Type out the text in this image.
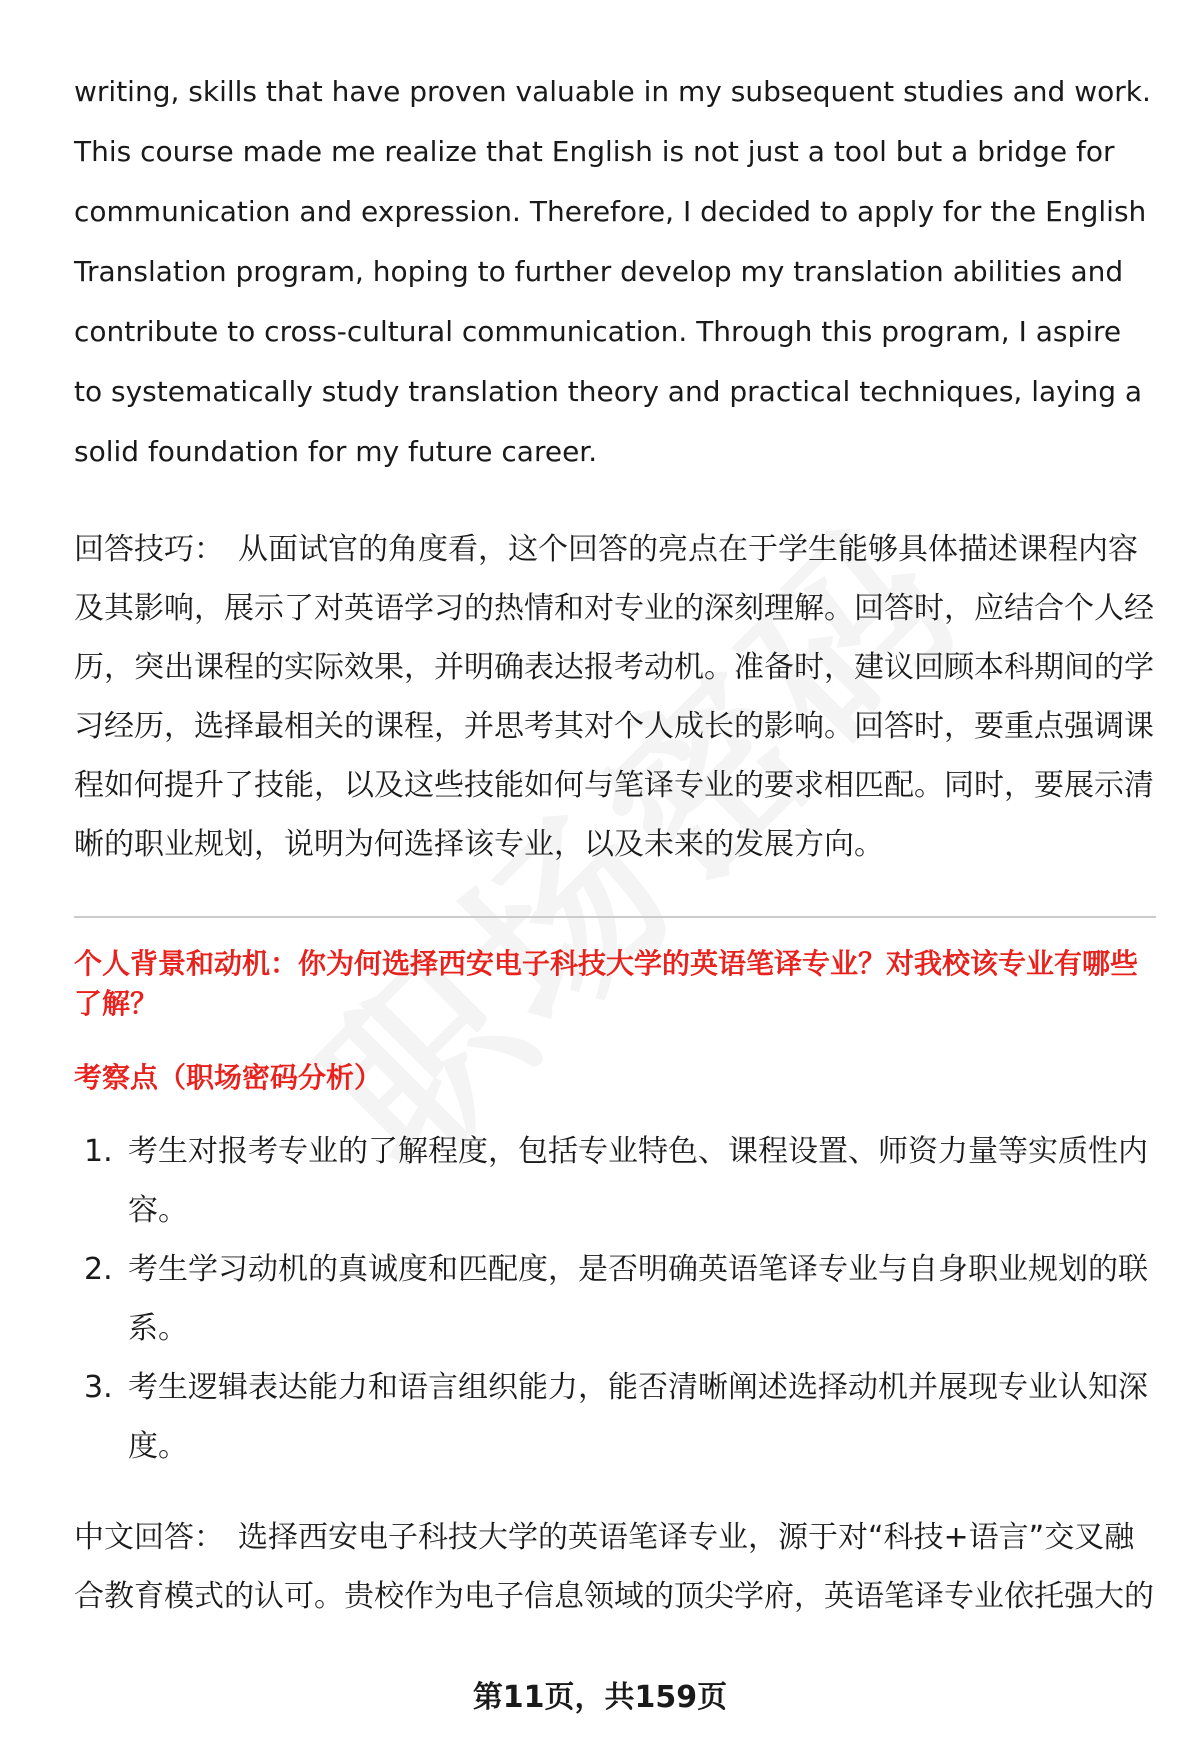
writing, skills that have proven valuable in my subsequent studies and work. This course made me realize that English is not just a tool but a bridge for communication and expression. Therefore, I decided to apply for the English Translation program, hoping to further develop my translation abilities and contribute to cross-cultural communication. Through this program, I aspire to systematically study translation theory and practical techniques, laying a solid foundation for my future career.

回答技巧： 从面试官的角度看，这个回答的亮点在于学生能够具体描述课程内容及其影响，展示了对英语学习的热情和对专业的深刻理解。回答时，应结合个人经历，突出课程的实际效果，并明确表达报考动机。准备时，建议回顾本科期间的学习经历，选择最相关的课程，并思考其对个人成长的影响。回答时，要重点强调课程如何提升了技能，以及这些技能如何与笔译专业的要求相匹配。同时，要展示清晰的职业规划，说明为何选择该专业，以及未来的发展方向。

个人背景和动机：你为何选择西安电子科技大学的英语笔译专业？对我校该专业有哪些了解？

考察点（职场密码分析）

1. 考生对报考专业的了解程度，包括专业特色、课程设置、师资力量等实质性内容。
2. 考生学习动机的真诚度和匹配度，是否明确英语笔译专业与自身职业规划的联系。
3. 考生逻辑表达能力和语言组织能力，能否清晰阐述选择动机并展现专业认知深度。

中文回答： 选择西安电子科技大学的英语笔译专业，源于对“科技+语言”交叉融合教育模式的认可。贵校作为电子信息领域的顶尖学府，英语笔译专业依托强大的

第11页，共159页
